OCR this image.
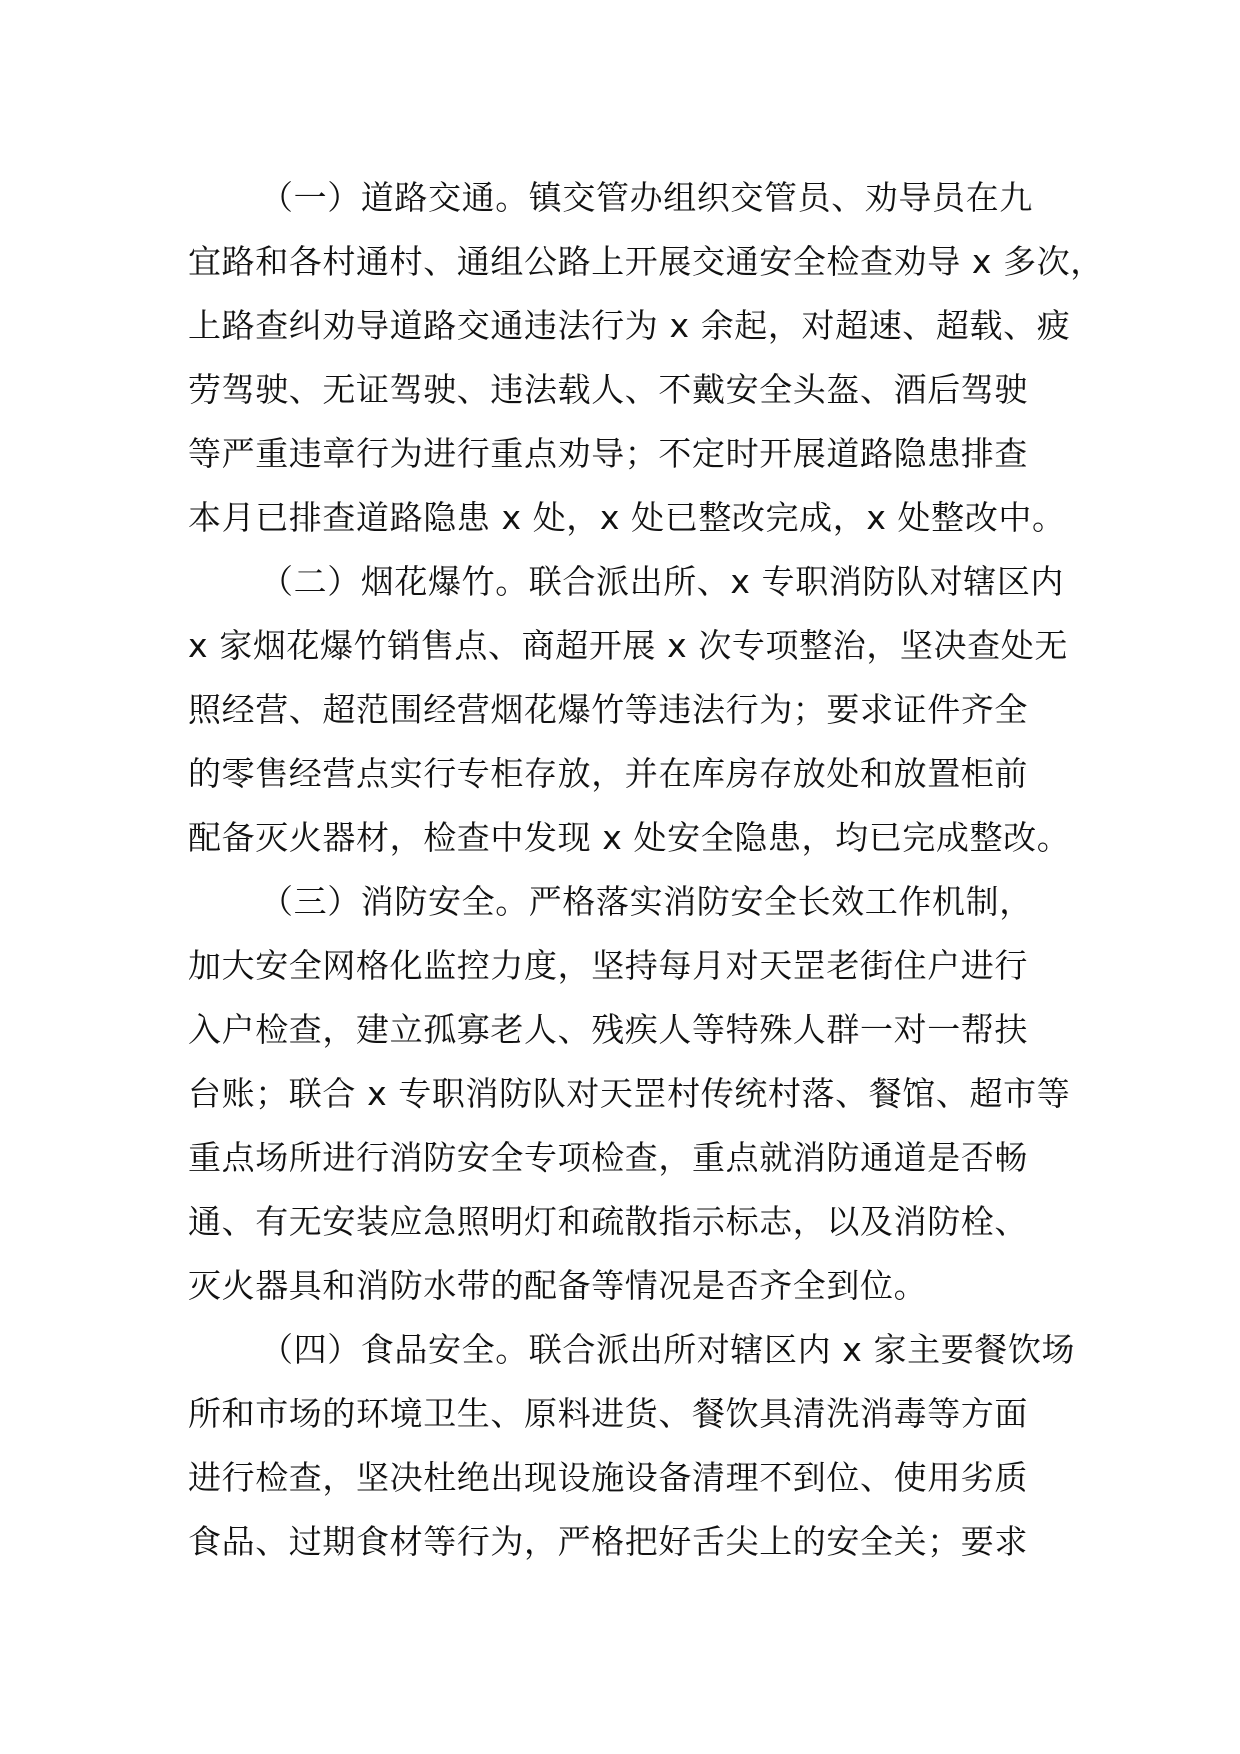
（一）道路交通。镇交管办组织交管员、劝导员在九
宜路和各村通村、通组公路上开展交通安全检查劝导 x 多次，
上路查纠劝导道路交通违法行为 x 余起，对超速、超载、疲
劳驾驶、无证驾驶、违法载人、不戴安全头盔、酒后驾驶
等严重违章行为进行重点劝导；不定时开展道路隐患排查
本月已排查道路隐患 x 处，x 处已整改完成，x 处整改中。
（二）烟花爆竹。联合派出所、x 专职消防队对辖区内
x 家烟花爆竹销售点、商超开展 x 次专项整治，坚决查处无
照经营、超范围经营烟花爆竹等违法行为；要求证件齐全
的零售经营点实行专柜存放，并在库房存放处和放置柜前
配备灭火器材，检查中发现 x 处安全隐患，均已完成整改。
（三）消防安全。严格落实消防安全长效工作机制，
加大安全网格化监控力度，坚持每月对天罡老街住户进行
入户检查，建立孤寡老人、残疾人等特殊人群一对一帮扶
台账；联合 x 专职消防队对天罡村传统村落、餐馆、超市等
重点场所进行消防安全专项检查，重点就消防通道是否畅
通、有无安装应急照明灯和疏散指示标志，以及消防栓、
灭火器具和消防水带的配备等情况是否齐全到位。
（四）食品安全。联合派出所对辖区内 x 家主要餐饮场
所和市场的环境卫生、原料进货、餐饮具清洗消毒等方面
进行检查，坚决杜绝出现设施设备清理不到位、使用劣质
食品、过期食材等行为，严格把好舌尖上的安全关；要求
